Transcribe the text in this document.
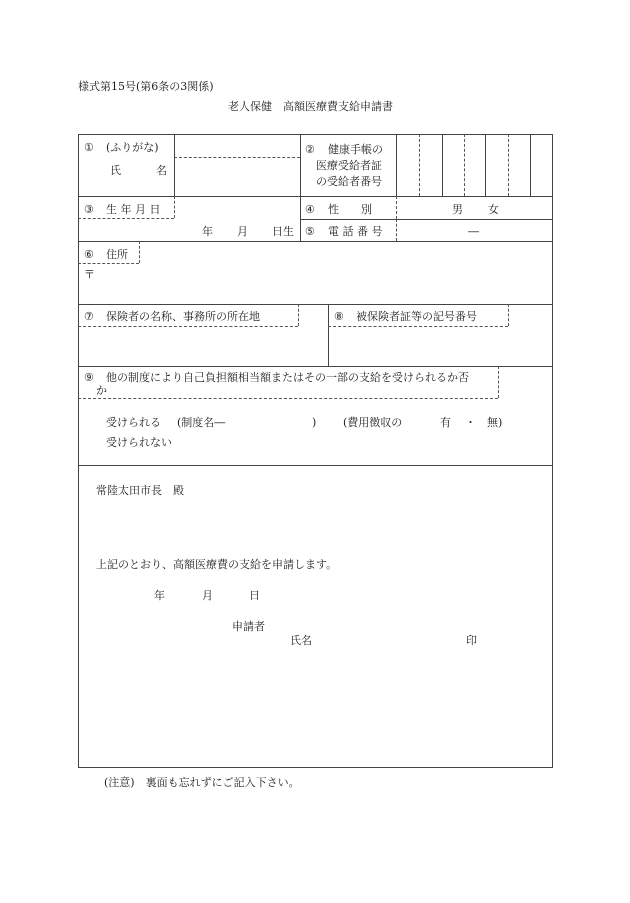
様式第15号(第6条の3関係)
老人保健　高額医療費支給申請書
① (ふりがな)
氏	名
② 健康手帳の
医療受給者証
の受給者番号
③ 生 年 月 日
年 月 日生
④ 性　　別	男 女
⑤ 電 話 番 号	―
⑥ 住所
〒
⑦ 保険者の名称、事務所の所在地	⑧ 被保険者証等の記号番号
⑨ 他の制度により自己負担額相当額またはその一部の支給を受けられるか否
か
受けられる (制度名―	) (費用徴収の	有 ・ 無)
受けられない
常陸太田市長　殿
上記のとおり、高額医療費の支給を申請します。
年	月	日
申請者
氏名	印
(注意)　裏面も忘れずにご記入下さい。
